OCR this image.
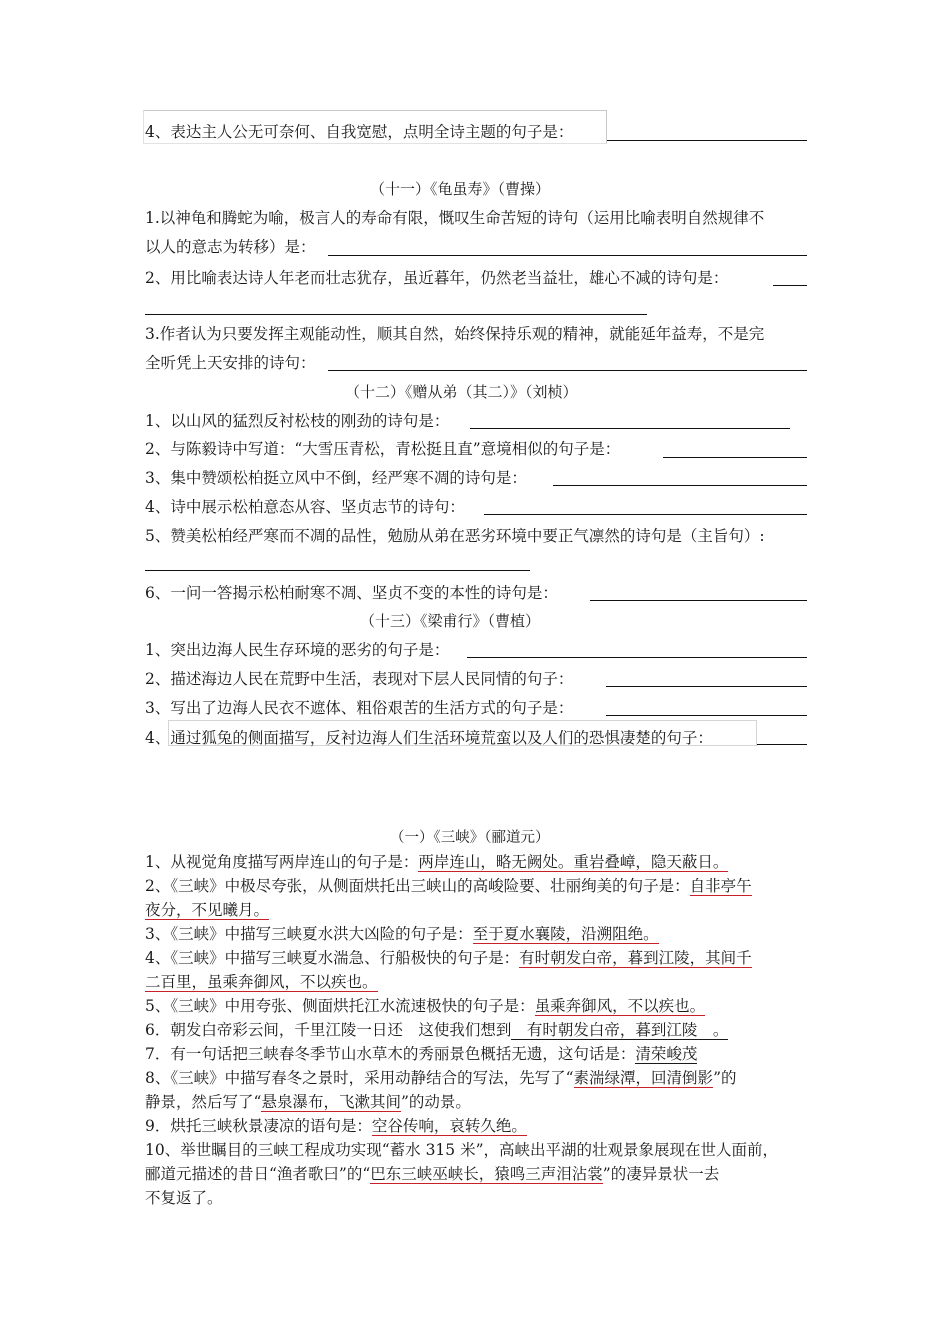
4、表达主人公无可奈何、自我宽慰，点明全诗主题的句子是：
（十一）《龟虽寿》（曹操）
1.以神龟和腾蛇为喻，极言人的寿命有限，慨叹生命苦短的诗句（运用比喻表明自然规律不
以人的意志为转移）是：
2、用比喻表达诗人年老而壮志犹存，虽近暮年，仍然老当益壮，雄心不减的诗句是：
3.作者认为只要发挥主观能动性，顺其自然，始终保持乐观的精神，就能延年益寿，不是完
全听凭上天安排的诗句：
（十二）《赠从弟（其二）》（刘桢）
1、以山风的猛烈反衬松枝的刚劲的诗句是：
2、与陈毅诗中写道：“大雪压青松，青松挺且直”意境相似的句子是：
3、集中赞颂松柏挺立风中不倒，经严寒不凋的诗句是：
4、诗中展示松柏意态从容、坚贞志节的诗句：
5、赞美松柏经严寒而不凋的品性，勉励从弟在恶劣环境中要正气凛然的诗句是（主旨句）:
6、一问一答揭示松柏耐寒不凋、坚贞不变的本性的诗句是：
（十三）《梁甫行》（曹植）
1、突出边海人民生存环境的恶劣的句子是：
2、描述海边人民在荒野中生活，表现对下层人民同情的句子：
3、写出了边海人民衣不遮体、粗俗艰苦的生活方式的句子是：
4、通过狐兔的侧面描写，反衬边海人们生活环境荒蛮以及人们的恐惧凄楚的句子：
（一）《三峡》（郦道元）
1、从视觉角度描写两岸连山的句子是：两岸连山，略无阙处。重岩叠嶂，隐天蔽日。
2、《三峡》中极尽夸张，从侧面烘托出三峡山的高峻险要、壮丽绚美的句子是：自非亭午
夜分，不见曦月。
3、《三峡》中描写三峡夏水洪大凶险的句子是：至于夏水襄陵，沿溯阻绝。
4、《三峡》中描写三峡夏水湍急、行船极快的句子是：有时朝发白帝，暮到江陵，其间千
二百里，虽乘奔御风，不以疾也。
5、《三峡》中用夸张、侧面烘托江水流速极快的句子是：虽乘奔御风，不以疾也。
6．朝发白帝彩云间，千里江陵一日还　这使我们想到　有时朝发白帝，暮到江陵　。
7．有一句话把三峡春冬季节山水草木的秀丽景色概括无遗，这句话是：清荣峻茂
8、《三峡》中描写春冬之景时，采用动静结合的写法，先写了“素湍绿潭，回清倒影”的
静景，然后写了“悬泉瀑布，飞漱其间”的动景。
9．烘托三峡秋景凄凉的语句是：空谷传响，哀转久绝。
10、举世瞩目的三峡工程成功实现“蓄水 315 米”，高峡出平湖的壮观景象展现在世人面前，
郦道元描述的昔日“渔者歌曰”的“巴东三峡巫峡长，猿鸣三声泪沾裳”的凄异景状一去
不复返了。
